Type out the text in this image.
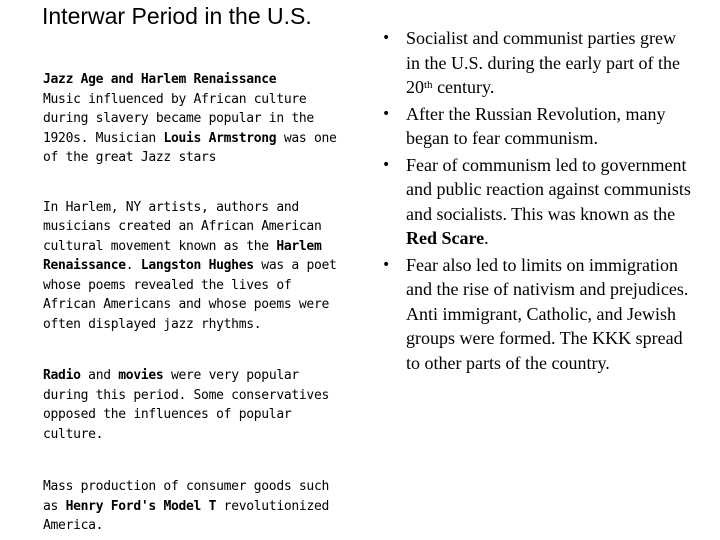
Interwar Period in the U.S.

Jazz Age and Harlem Renaissance

Music influenced by African culture during slavery became popular in the 1920s. Musician Louis Armstrong was one of the great Jazz stars

In Harlem, NY artists, authors and musicians created an African American cultural movement known as the Harlem Renaissance. Langston Hughes was a poet whose poems revealed the lives of African Americans and whose poems were often displayed jazz rhythms.

Radio and movies were very popular during this period. Some conservatives opposed the influences of popular culture.

Mass production of consumer goods such as Henry Ford's Model T revolutionized America.

• Socialist and communist parties grew in the U.S. during the early part of the 20th century.
• After the Russian Revolution, many began to fear communism.
• Fear of communism led to government and public reaction against communists and socialists. This was known as the Red Scare.
• Fear also led to limits on immigration and the rise of nativism and prejudices. Anti immigrant, Catholic, and Jewish groups were formed. The KKK spread to other parts of the country.
